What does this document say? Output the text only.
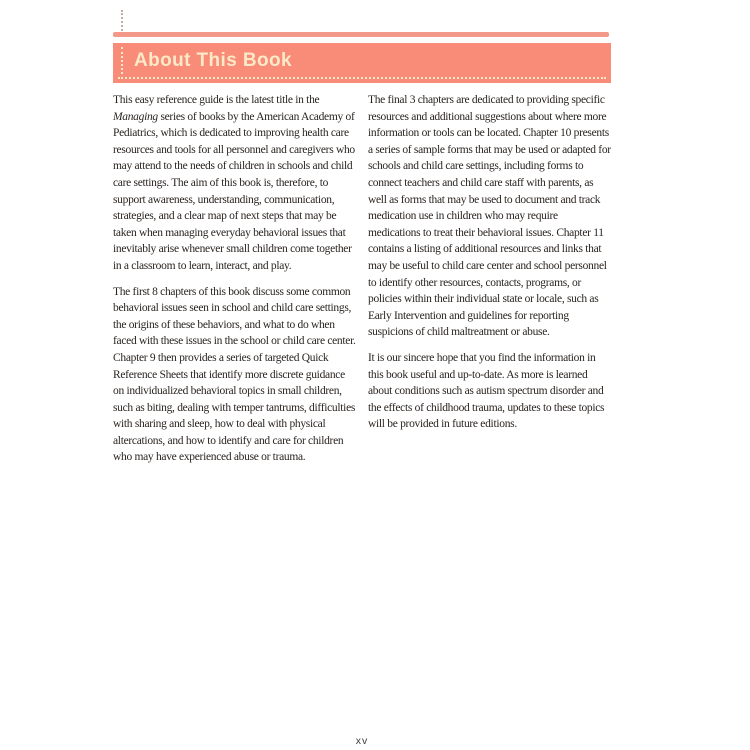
About This Book

This easy reference guide is the latest title in the Managing series of books by the American Academy of Pediatrics, which is dedicated to improving health care resources and tools for all personnel and caregivers who may attend to the needs of children in schools and child care settings. The aim of this book is, therefore, to support awareness, understanding, communication, strategies, and a clear map of next steps that may be taken when managing everyday behavioral issues that inevitably arise whenever small children come together in a classroom to learn, interact, and play.

The first 8 chapters of this book discuss some common behavioral issues seen in school and child care settings, the origins of these behaviors, and what to do when faced with these issues in the school or child care center. Chapter 9 then provides a series of targeted Quick Reference Sheets that identify more discrete guidance on individualized behavioral topics in small children, such as biting, dealing with temper tantrums, difficulties with sharing and sleep, how to deal with physical altercations, and how to identify and care for children who may have experienced abuse or trauma.

The final 3 chapters are dedicated to providing specific resources and additional suggestions about where more information or tools can be located. Chapter 10 presents a series of sample forms that may be used or adapted for schools and child care settings, including forms to connect teachers and child care staff with parents, as well as forms that may be used to document and track medication use in children who may require medications to treat their behavioral issues. Chapter 11 contains a listing of additional resources and links that may be useful to child care center and school personnel to identify other resources, contacts, programs, or policies within their individual state or locale, such as Early Intervention and guidelines for reporting suspicions of child maltreatment or abuse.

It is our sincere hope that you find the information in this book useful and up-to-date. As more is learned about conditions such as autism spectrum disorder and the effects of childhood trauma, updates to these topics will be provided in future editions.

xv
